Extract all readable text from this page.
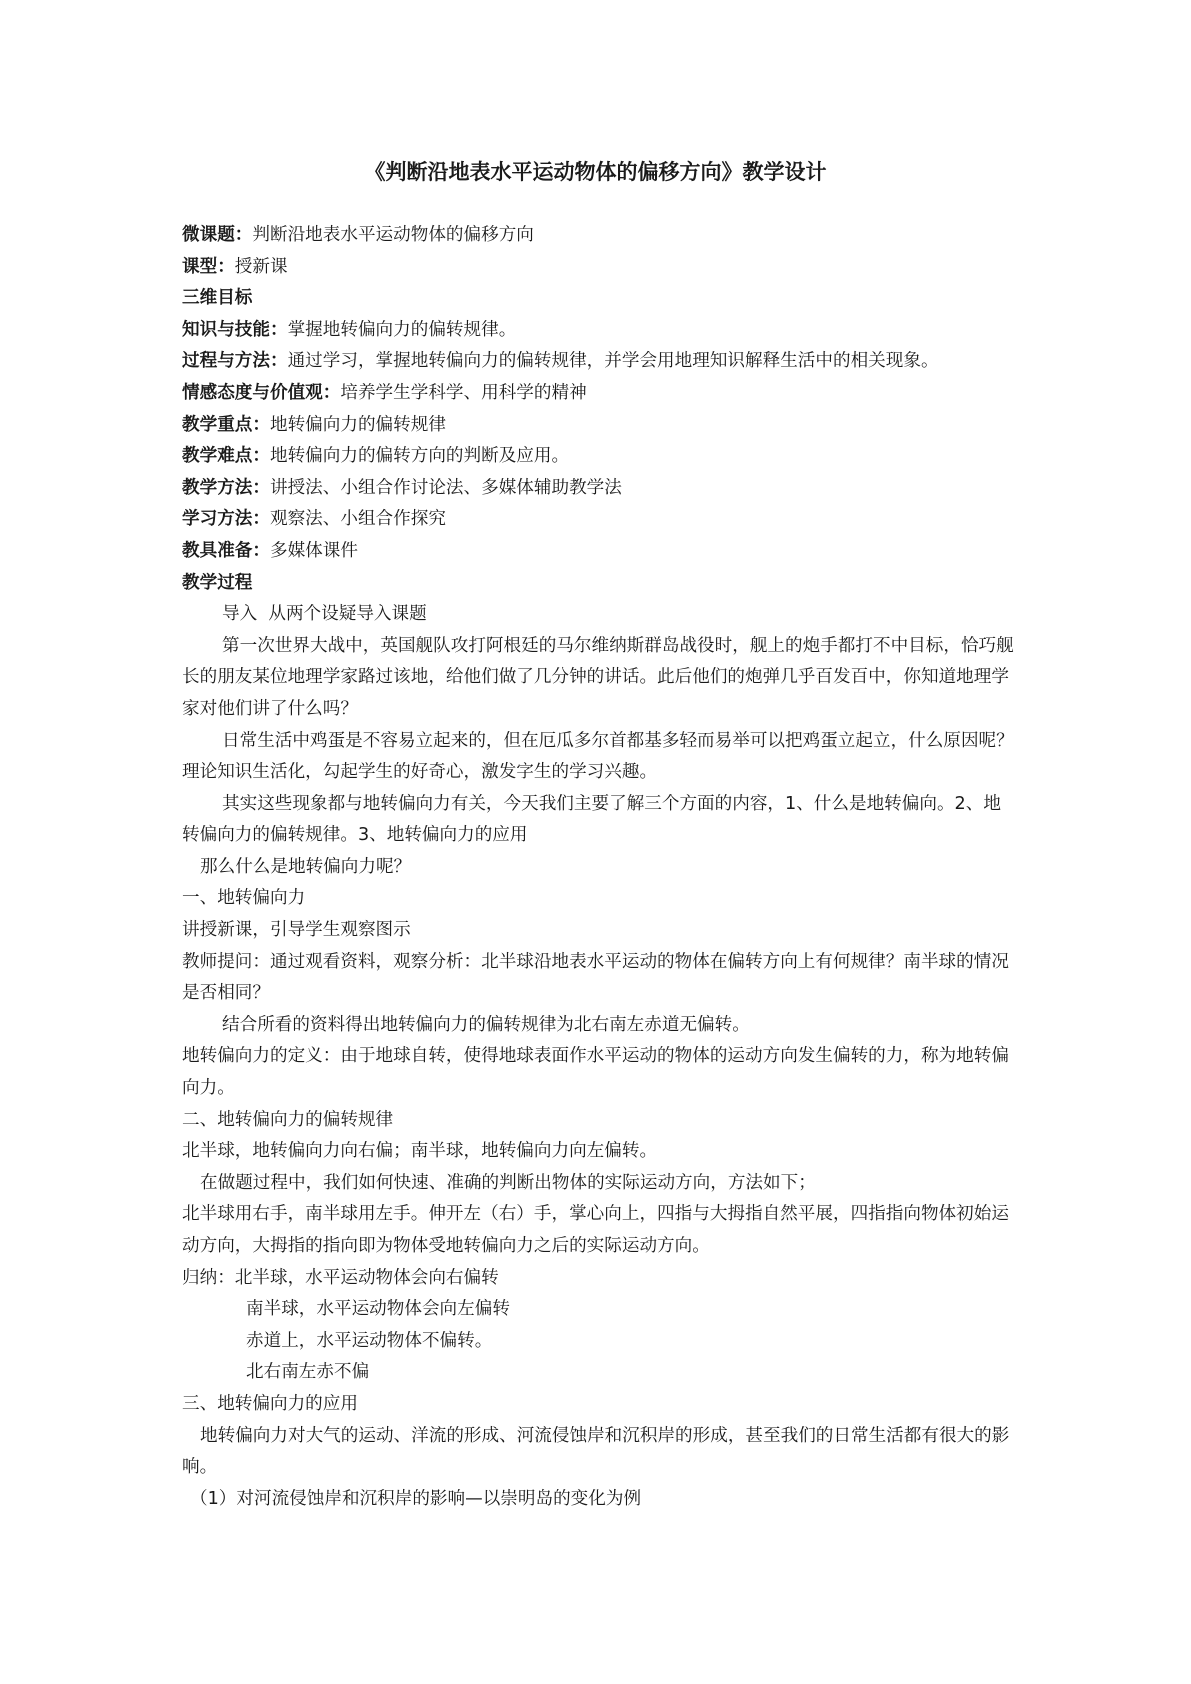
《判断沿地表水平运动物体的偏移方向》教学设计

微课题：判断沿地表水平运动物体的偏移方向

课型：授新课

三维目标

知识与技能：掌握地转偏向力的偏转规律。

过程与方法：通过学习，掌握地转偏向力的偏转规律，并学会用地理知识解释生活中的相关现象。

情感态度与价值观：培养学生学科学、用科学的精神

教学重点：地转偏向力的偏转规律

教学难点：地转偏向力的偏转方向的判断及应用。

教学方法：讲授法、小组合作讨论法、多媒体辅助教学法

学习方法：观察法、小组合作探究

教具准备：多媒体课件

教学过程

导入  从两个设疑导入课题

第一次世界大战中，英国舰队攻打阿根廷的马尔维纳斯群岛战役时，舰上的炮手都打不中目标，恰巧舰长的朋友某位地理学家路过该地，给他们做了几分钟的讲话。此后他们的炮弹几乎百发百中，你知道地理学家对他们讲了什么吗？

日常生活中鸡蛋是不容易立起来的，但在厄瓜多尔首都基多轻而易举可以把鸡蛋立起立，什么原因呢？理论知识生活化，勾起学生的好奇心，激发字生的学习兴趣。

其实这些现象都与地转偏向力有关，今天我们主要了解三个方面的内容，1、什么是地转偏向。2、地转偏向力的偏转规律。3、地转偏向力的应用

那么什么是地转偏向力呢？

一、地转偏向力

讲授新课，引导学生观察图示

教师提问：通过观看资料，观察分析：北半球沿地表水平运动的物体在偏转方向上有何规律？南半球的情况是否相同？

结合所看的资料得出地转偏向力的偏转规律为北右南左赤道无偏转。

地转偏向力的定义：由于地球自转，使得地球表面作水平运动的物体的运动方向发生偏转的力，称为地转偏向力。

二、地转偏向力的偏转规律

北半球，地转偏向力向右偏；南半球，地转偏向力向左偏转。

在做题过程中，我们如何快速、准确的判断出物体的实际运动方向，方法如下；

北半球用右手，南半球用左手。伸开左（右）手，掌心向上，四指与大拇指自然平展，四指指向物体初始运动方向，大拇指的指向即为物体受地转偏向力之后的实际运动方向。

归纳：北半球，水平运动物体会向右偏转

南半球，水平运动物体会向左偏转

赤道上，水平运动物体不偏转。

北右南左赤不偏

三、地转偏向力的应用

地转偏向力对大气的运动、洋流的形成、河流侵蚀岸和沉积岸的形成，甚至我们的日常生活都有很大的影响。

（1）对河流侵蚀岸和沉积岸的影响—以崇明岛的变化为例
